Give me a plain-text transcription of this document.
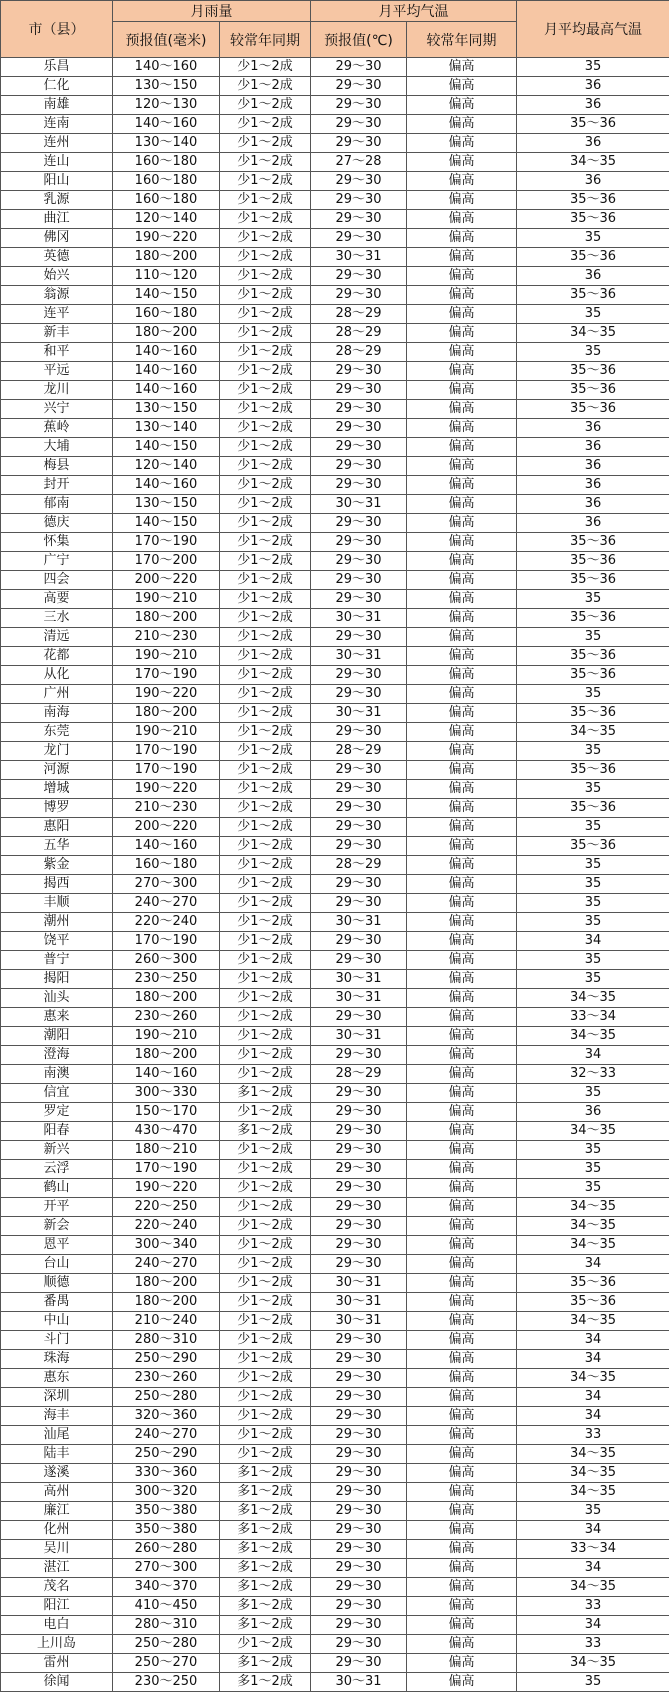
市（县）	月雨量		月平均气温		月平均最高气温
	预报值(毫米)	较常年同期	预报值(℃)	较常年同期	
乐昌	140～160	少1～2成	29～30	偏高	35
仁化	130～150	少1～2成	29～30	偏高	36
南雄	120～130	少1～2成	29～30	偏高	36
连南	140～160	少1～2成	29～30	偏高	35～36
连州	130～140	少1～2成	29～30	偏高	36
连山	160～180	少1～2成	27～28	偏高	34～35
阳山	160～180	少1～2成	29～30	偏高	36
乳源	160～180	少1～2成	29～30	偏高	35～36
曲江	120～140	少1～2成	29～30	偏高	35～36
佛冈	190～220	少1～2成	29～30	偏高	35
英德	180～200	少1～2成	30～31	偏高	35～36
始兴	110～120	少1～2成	29～30	偏高	36
翁源	140～150	少1～2成	29～30	偏高	35～36
连平	160～180	少1～2成	28～29	偏高	35
新丰	180～200	少1～2成	28～29	偏高	34～35
和平	140～160	少1～2成	28～29	偏高	35
平远	140～160	少1～2成	29～30	偏高	35～36
龙川	140～160	少1～2成	29～30	偏高	35～36
兴宁	130～150	少1～2成	29～30	偏高	35～36
蕉岭	130～140	少1～2成	29～30	偏高	36
大埔	140～150	少1～2成	29～30	偏高	36
梅县	120～140	少1～2成	29～30	偏高	36
封开	140～160	少1～2成	29～30	偏高	36
郁南	130～150	少1～2成	30～31	偏高	36
德庆	140～150	少1～2成	29～30	偏高	36
怀集	170～190	少1～2成	29～30	偏高	35～36
广宁	170～200	少1～2成	29～30	偏高	35～36
四会	200～220	少1～2成	29～30	偏高	35～36
高要	190～210	少1～2成	29～30	偏高	35
三水	180～200	少1～2成	30～31	偏高	35～36
清远	210～230	少1～2成	29～30	偏高	35
花都	190～210	少1～2成	30～31	偏高	35～36
从化	170～190	少1～2成	29～30	偏高	35～36
广州	190～220	少1～2成	29～30	偏高	35
南海	180～200	少1～2成	30～31	偏高	35～36
东莞	190～210	少1～2成	29～30	偏高	34～35
龙门	170～190	少1～2成	28～29	偏高	35
河源	170～190	少1～2成	29～30	偏高	35～36
增城	190～220	少1～2成	29～30	偏高	35
博罗	210～230	少1～2成	29～30	偏高	35～36
惠阳	200～220	少1～2成	29～30	偏高	35
五华	140～160	少1～2成	29～30	偏高	35～36
紫金	160～180	少1～2成	28～29	偏高	35
揭西	270～300	少1～2成	29～30	偏高	35
丰顺	240～270	少1～2成	29～30	偏高	35
潮州	220～240	少1～2成	30～31	偏高	35
饶平	170～190	少1～2成	29～30	偏高	34
普宁	260～300	少1～2成	29～30	偏高	35
揭阳	230～250	少1～2成	30～31	偏高	35
汕头	180～200	少1～2成	30～31	偏高	34～35
惠来	230～260	少1～2成	29～30	偏高	33～34
潮阳	190～210	少1～2成	30～31	偏高	34～35
澄海	180～200	少1～2成	29～30	偏高	34
南澳	140～160	少1～2成	28～29	偏高	32～33
信宜	300～330	多1～2成	29～30	偏高	35
罗定	150～170	少1～2成	29～30	偏高	36
阳春	430～470	多1～2成	29～30	偏高	34～35
新兴	180～210	少1～2成	29～30	偏高	35
云浮	170～190	少1～2成	29～30	偏高	35
鹤山	190～220	少1～2成	29～30	偏高	35
开平	220～250	少1～2成	29～30	偏高	34～35
新会	220～240	少1～2成	29～30	偏高	34～35
恩平	300～340	少1～2成	29～30	偏高	34～35
台山	240～270	少1～2成	29～30	偏高	34
顺德	180～200	少1～2成	30～31	偏高	35～36
番禺	180～200	少1～2成	30～31	偏高	35～36
中山	210～240	少1～2成	30～31	偏高	34～35
斗门	280～310	少1～2成	29～30	偏高	34
珠海	250～290	少1～2成	29～30	偏高	34
惠东	230～260	少1～2成	29～30	偏高	34～35
深圳	250～280	少1～2成	29～30	偏高	34
海丰	320～360	少1～2成	29～30	偏高	34
汕尾	240～270	少1～2成	29～30	偏高	33
陆丰	250～290	少1～2成	29～30	偏高	34～35
遂溪	330～360	多1～2成	29～30	偏高	34～35
高州	300～320	多1～2成	29～30	偏高	34～35
廉江	350～380	多1～2成	29～30	偏高	35
化州	350～380	多1～2成	29～30	偏高	34
吴川	260～280	多1～2成	29～30	偏高	33～34
湛江	270～300	多1～2成	29～30	偏高	34
茂名	340～370	多1～2成	29～30	偏高	34～35
阳江	410～450	多1～2成	29～30	偏高	33
电白	280～310	多1～2成	29～30	偏高	34
上川岛	250～280	少1～2成	29～30	偏高	33
雷州	250～270	多1～2成	29～30	偏高	34～35
徐闻	230～250	多1～2成	30～31	偏高	35
